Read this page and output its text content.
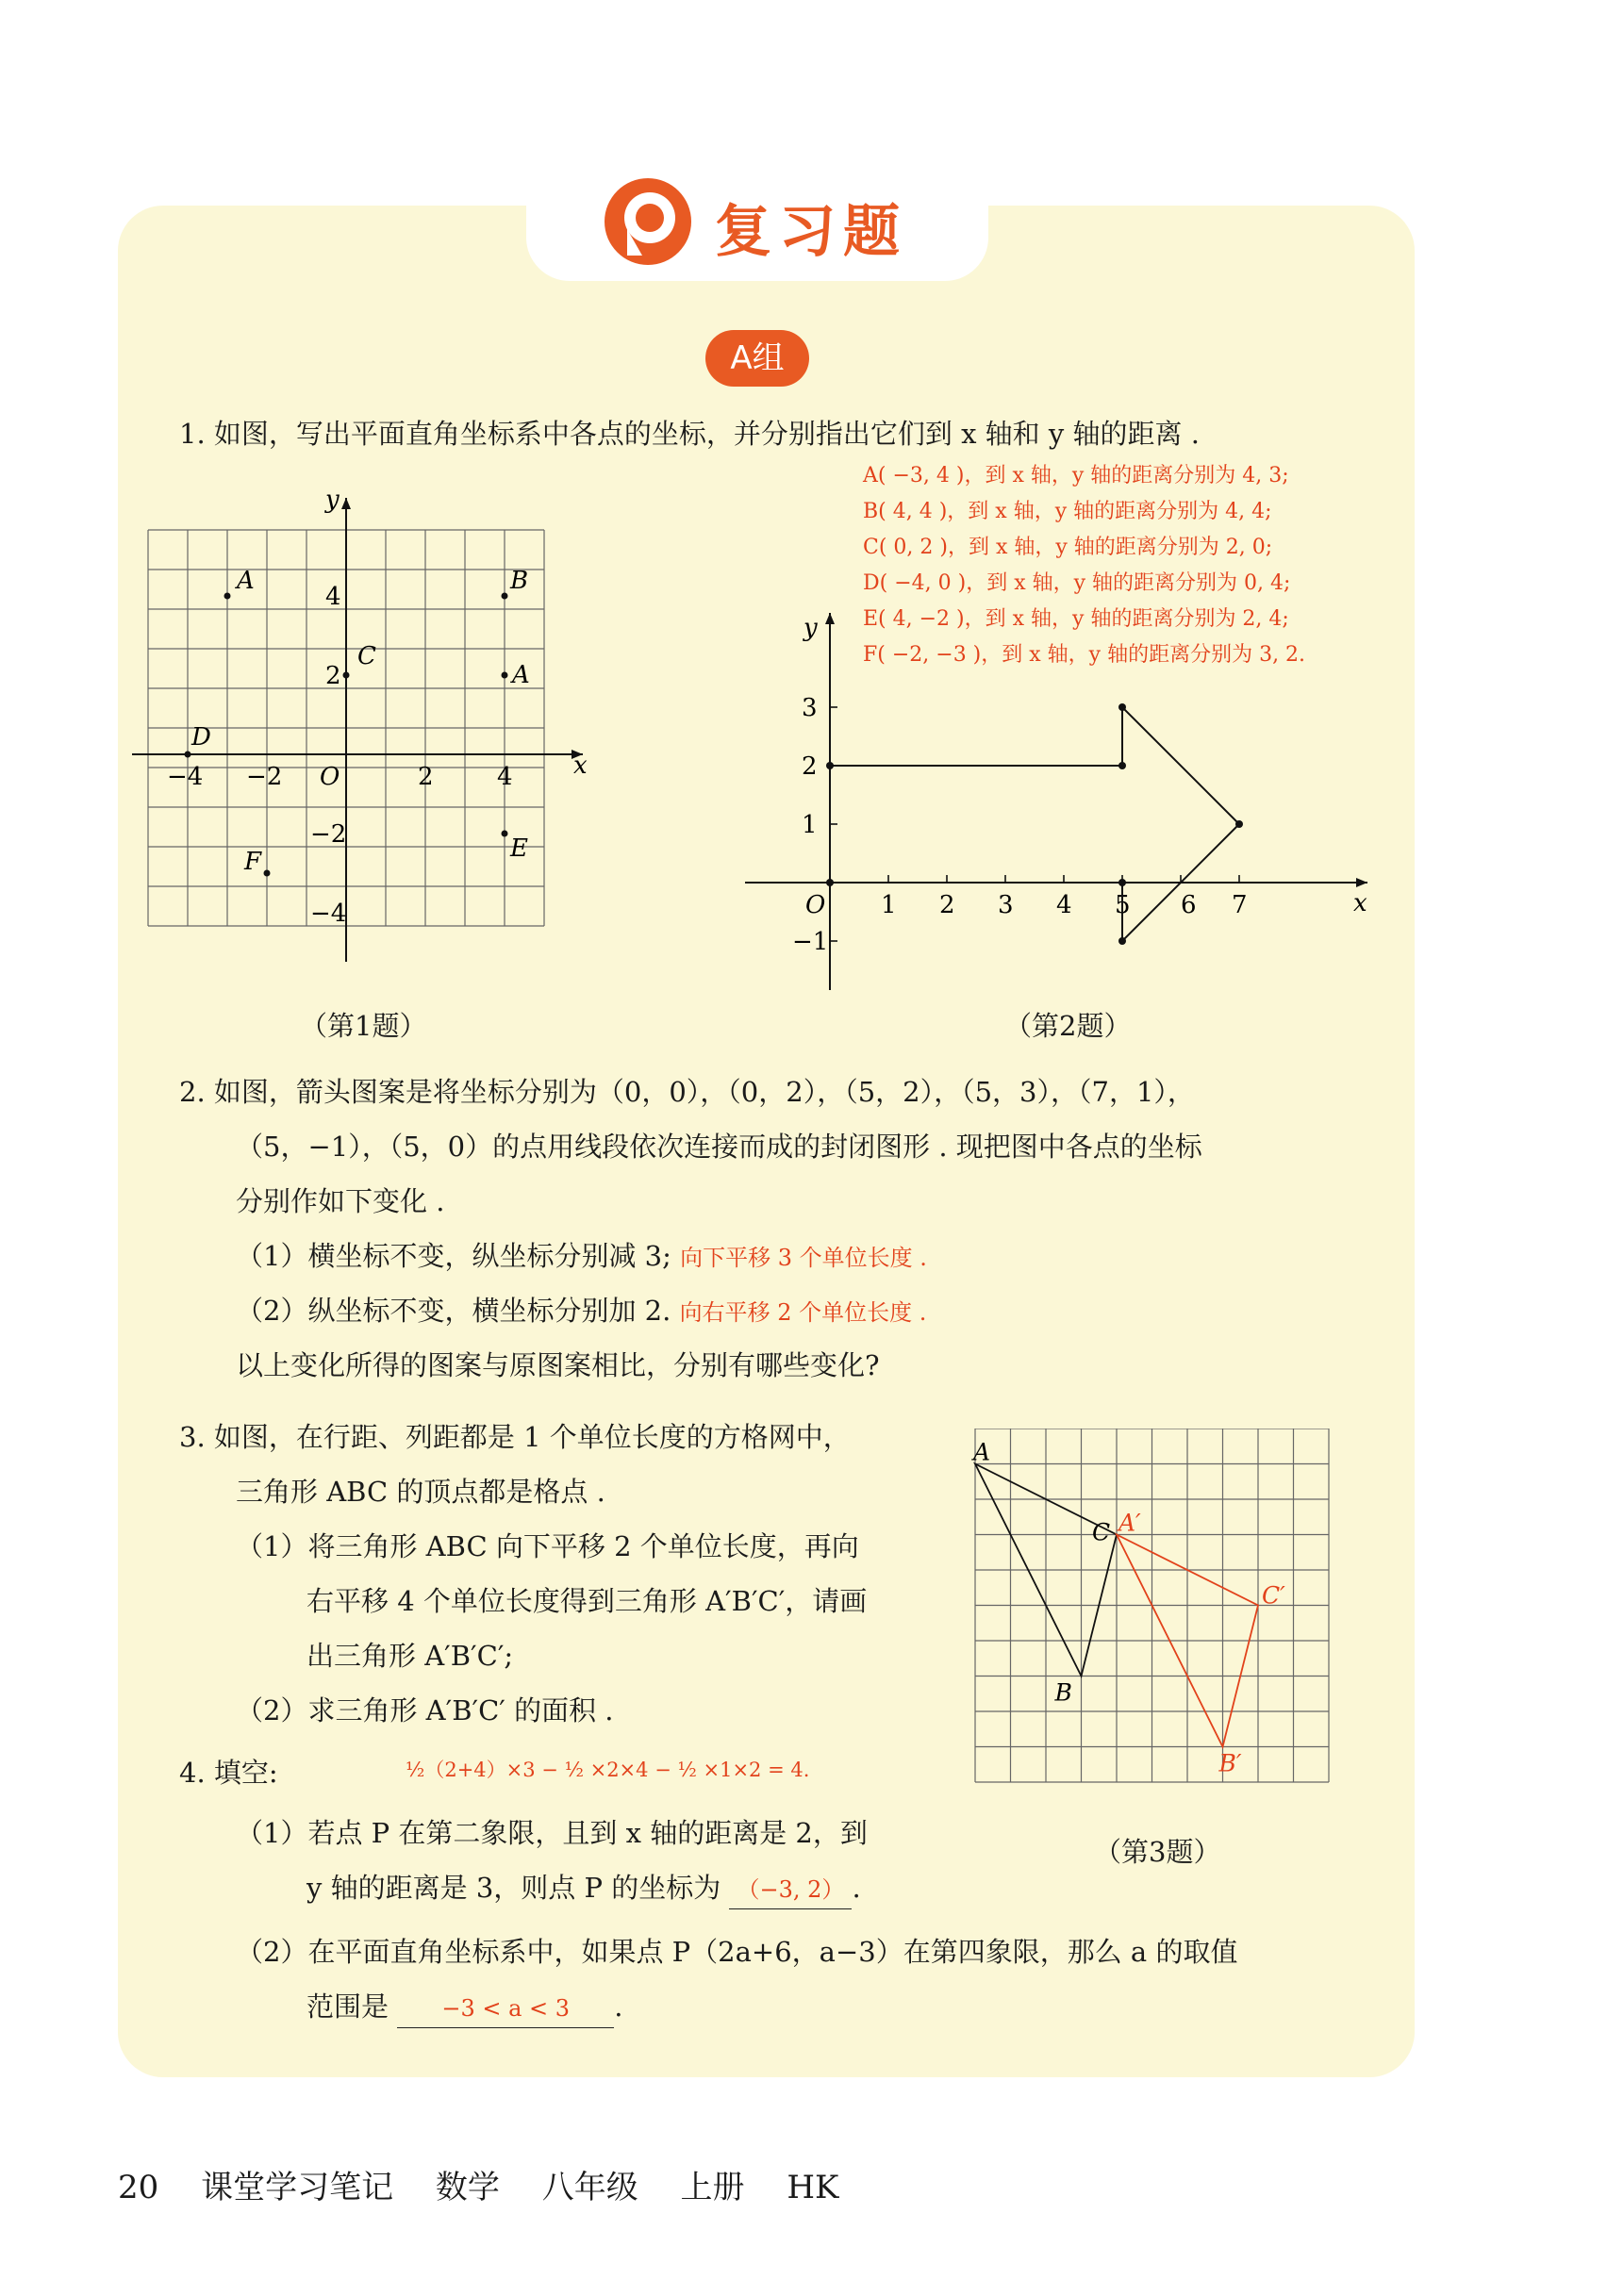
复习题
A组
1. 如图，写出平面直角坐标系中各点的坐标，并分别指出它们到 x 轴和 y 轴的距离 .
A( −3, 4 )，到 x 轴，y 轴的距离分别为 4, 3;
B( 4, 4 )，到 x 轴，y 轴的距离分别为 4, 4;
C( 0, 2 )，到 x 轴，y 轴的距离分别为 2, 0;
D( −4, 0 )，到 x 轴，y 轴的距离分别为 0, 4;
E( 4, −2 )，到 x 轴，y 轴的距离分别为 2, 4;
F( −2, −3 )，到 x 轴，y 轴的距离分别为 3, 2.
x
y
−4 −2 O	2	4
4
2
−2
−4
A	B
C
A
D
E
F
（第1题）
y
x
O 1 2 3 4 5 6 7
3
2
1
−1
（第2题）
2. 如图，箭头图案是将坐标分别为（0，0），（0，2），（5，2），（5，3），（7，1），
（5，−1），（5，0）的点用线段依次连接而成的封闭图形 . 现把图中各点的坐标
分别作如下变化 .
（1）横坐标不变，纵坐标分别减 3; 向下平移 3 个单位长度 .
（2）纵坐标不变，横坐标分别加 2. 向右平移 2 个单位长度 .
以上变化所得的图案与原图案相比，分别有哪些变化?
3. 如图，在行距、列距都是 1 个单位长度的方格网中，
三角形 ABC 的顶点都是格点 .
（1）将三角形 ABC 向下平移 2 个单位长度，再向
右平移 4 个单位长度得到三角形 A′B′C′，请画
出三角形 A′B′C′;
（2）求三角形 A′B′C′ 的面积 .
A
B
C A′
B′
C′
（第3题）
4. 填空:	½（2+4）×3 − ½ ×2×4 − ½ ×1×2 = 4.
（1）若点 P 在第二象限，且到 x 轴的距离是 2，到
y 轴的距离是 3，则点 P 的坐标为 （−3, 2） .
（2）在平面直角坐标系中，如果点 P（2a+6，a−3）在第四象限，那么 a 的取值
范围是 −3 < a < 3 .
20 课堂学习笔记 数学 八年级 上册 HK
